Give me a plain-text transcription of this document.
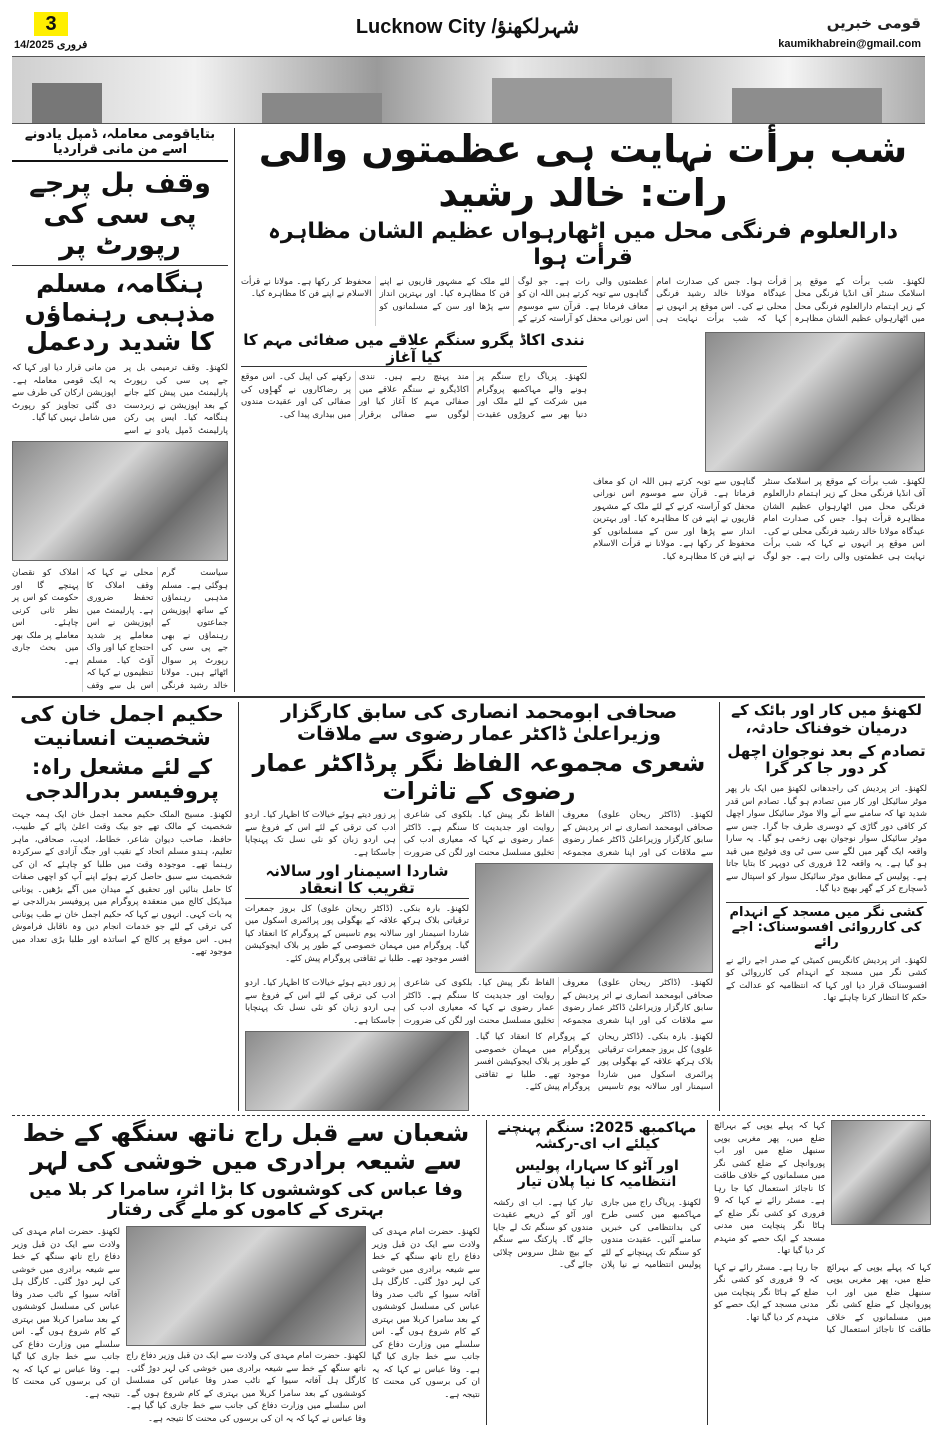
3
14/فروری 2025
Lucknow City /شہرلکھنؤ	قومی خبریں
kaumikhabrein@gmail.com
بتایاقومی معاملہ، ڈمپل یادونے اسے من مانی قراردیا
وقف بل پرجے پی سی کی رپورٹ پر
ہنگامہ، مسلم مذہبی رہنماؤں کا شدید ردعمل
لکھنؤ۔ وقف ترمیمی بل پر جے پی سی کی رپورٹ پارلیمنٹ میں پیش کئے جانے کے بعد اپوزیشن نے زبردست ہنگامہ کیا۔ ایس پی رکن پارلیمنٹ ڈمپل یادو نے اسے من مانی قرار دیا اور کہا کہ یہ ایک قومی معاملہ ہے۔ اپوزیشن ارکان کی طرف سے دی گئی تجاویز کو رپورٹ میں شامل نہیں کیا گیا۔
سیاست گرم ہوگئی ہے۔ مسلم مذہبی رہنماؤں کے ساتھ اپوزیشن جماعتوں کے رہنماؤں نے بھی جے پی سی کی رپورٹ پر سوال اٹھائے ہیں۔ مولانا خالد رشید فرنگی محلی نے کہا کہ وقف املاک کا تحفظ ضروری ہے۔ پارلیمنٹ میں اپوزیشن نے اس معاملے پر شدید احتجاج کیا اور واک آؤٹ کیا۔ مسلم تنظیموں نے کہا کہ اس بل سے وقف املاک کو نقصان پہنچے گا اور حکومت کو اس پر نظر ثانی کرنی چاہئے۔ اس معاملے پر ملک بھر میں بحث جاری ہے۔
شب برأت نہایت ہی عظمتوں والی رات: خالد رشید
دارالعلوم فرنگی محل میں اٹھارہواں عظیم الشان مظاہرہ قرأت ہوا
لکھنؤ۔ شب برأت کے موقع پر اسلامک سنٹر آف انڈیا فرنگی محل کے زیر اہتمام دارالعلوم فرنگی محل میں اٹھارہواں عظیم الشان مظاہرہ قرأت ہوا۔ جس کی صدارت امام عیدگاہ مولانا خالد رشید فرنگی محلی نے کی۔ اس موقع پر انہوں نے کہا کہ شب برأت نہایت ہی عظمتوں والی رات ہے۔ جو لوگ گناہوں سے توبہ کرتے ہیں اللہ ان کو معاف فرماتا ہے۔ قرآن سے موسوم اس نورانی محفل کو آراستہ کرنے کے لئے ملک کے مشہور قاریوں نے اپنے فن کا مظاہرہ کیا۔ اور بہترین انداز سے پڑھا اور سن کے مسلمانوں کو محفوظ کر رکھا ہے۔ مولانا نے قرأت الاسلام نے اپنے فن کا مظاہرہ کیا۔
نندی اکاڈ یگرو سنگم علاقے میں صفائی مہم کا کیا آغاز
لکھنؤ۔ پریاگ راج سنگم پر ہونے والے مہاکمبھ پروگرام میں شرکت کے لئے ملک اور دنیا بھر سے کروڑوں عقیدت مند پہنچ رہے ہیں۔ نندی اکاڈیگرو نے سنگم علاقے میں صفائی مہم کا آغاز کیا اور لوگوں سے صفائی برقرار رکھنے کی اپیل کی۔ اس موقع پر رضاکاروں نے گھاٟوں کی صفائی کی اور عقیدت مندوں میں بیداری پیدا کی۔
لکھنؤ۔ شب برأت کے موقع پر اسلامک سنٹر آف انڈیا فرنگی محل کے زیر اہتمام دارالعلوم فرنگی محل میں اٹھارہواں عظیم الشان مظاہرہ قرأت ہوا۔ جس کی صدارت امام عیدگاہ مولانا خالد رشید فرنگی محلی نے کی۔ اس موقع پر انہوں نے کہا کہ شب برأت نہایت ہی عظمتوں والی رات ہے۔ جو لوگ گناہوں سے توبہ کرتے ہیں اللہ ان کو معاف فرماتا ہے۔ قرآن سے موسوم اس نورانی محفل کو آراستہ کرنے کے لئے ملک کے مشہور قاریوں نے اپنے فن کا مظاہرہ کیا۔ اور بہترین انداز سے پڑھا اور سن کے مسلمانوں کو محفوظ کر رکھا ہے۔ مولانا نے قرأت الاسلام نے اپنے فن کا مظاہرہ کیا۔
حکیم اجمل خان کی شخصیت انسانیت
کے لئے مشعل راہ: پروفیسر بدرالدجی
لکھنؤ۔ مسیح الملک حکیم محمد اجمل خان ایک ہمہ جہت شخصیت کے مالک تھے جو بیک وقت اعلیٰ پائے کے طبیب، حافظ، صاحب دیوان شاعر، خطاط، ادیب، صحافی، ماہر تعلیم، ہندو مسلم اتحاد کے نقیب اور جنگ آزادی کے سرکردہ رہنما تھے۔ موجودہ وقت میں طلبا کو چاہئے کہ ان کی شخصیت سے سبق حاصل کرتے ہوئے اپنے آپ کو اچھی صفات کا حامل بنائیں اور تحقیق کے میدان میں آگے بڑھیں۔ یونانی میڈیکل کالج میں منعقدہ پروگرام میں پروفیسر بدرالدجی نے یہ بات کہی۔ انہوں نے کہا کہ حکیم اجمل خان نے طب یونانی کی ترقی کے لئے جو خدمات انجام دیں وہ ناقابل فراموش ہیں۔ اس موقع پر کالج کے اساتذہ اور طلبا بڑی تعداد میں موجود تھے۔
صحافی ابومحمد انصاری کی سابق کارگزار وزیراعلیٰ ڈاکٹر عمار رضوی سے ملاقات
شعری مجموعہ الفاظ نگر پرڈاکٹر عمار رضوی کے تاثرات
لکھنؤ۔ (ڈاکٹر ریحان علوی) معروف صحافی ابومحمد انصاری نے اتر پردیش کے سابق کارگزار وزیراعلیٰ ڈاکٹر عمار رضوی سے ملاقات کی اور اپنا شعری مجموعہ الفاظ نگر پیش کیا۔ بلکوی کی شاعری روایت اور جدیدیت کا سنگم ہے۔ ڈاکٹر عمار رضوی نے کہا کہ معیاری ادب کی تخلیق مسلسل محنت اور لگن کی ضرورت پر زور دیتے ہوئے خیالات کا اظہار کیا۔ اردو ادب کی ترقی کے لئے اس کے فروغ سے ہی اردو زبان کو نئی نسل تک پہنچایا جاسکتا ہے۔
شاردا اسیمنار اور سالانہ تقریب کا انعقاد
لکھنؤ۔ بارہ بنکی۔ (ڈاکٹر ریحان علوی) کل بروز جمعرات ترقیاتی بلاک ہرکھ علاقہ کے بھگولی پور پرائمری اسکول میں شاردا اسیمنار اور سالانہ یوم تاسیس کے پروگرام کا انعقاد کیا گیا۔ پروگرام میں مہمان خصوصی کے طور پر بلاک ایجوکیشن افسر موجود تھے۔ طلبا نے ثقافتی پروگرام پیش کئے۔
لکھنؤ۔ (ڈاکٹر ریحان علوی) معروف صحافی ابومحمد انصاری نے اتر پردیش کے سابق کارگزار وزیراعلیٰ ڈاکٹر عمار رضوی سے ملاقات کی اور اپنا شعری مجموعہ الفاظ نگر پیش کیا۔ بلکوی کی شاعری روایت اور جدیدیت کا سنگم ہے۔ ڈاکٹر عمار رضوی نے کہا کہ معیاری ادب کی تخلیق مسلسل محنت اور لگن کی ضرورت پر زور دیتے ہوئے خیالات کا اظہار کیا۔ اردو ادب کی ترقی کے لئے اس کے فروغ سے ہی اردو زبان کو نئی نسل تک پہنچایا جاسکتا ہے۔
لکھنؤ۔ بارہ بنکی۔ (ڈاکٹر ریحان علوی) کل بروز جمعرات ترقیاتی بلاک ہرکھ علاقہ کے بھگولی پور پرائمری اسکول میں شاردا اسیمنار اور سالانہ یوم تاسیس کے پروگرام کا انعقاد کیا گیا۔ پروگرام میں مہمان خصوصی کے طور پر بلاک ایجوکیشن افسر موجود تھے۔ طلبا نے ثقافتی پروگرام پیش کئے۔
لکھنؤ میں کار اور بائک کے درمیان خوفناک حادثہ،
تصادم کے بعد نوجوان اچھل کر دور جا کر گرا
لکھنؤ۔ اتر پردیش کی راجدھانی لکھنؤ میں ایک بار پھر موٹر سائیکل اور کار میں تصادم ہو گیا۔ تصادم اس قدر شدید تھا کہ سامنے سے آنے والا موٹر سائیکل سوار اچھل کر کافی دور گاڑی کے دوسری طرف جا گرا۔ جس سے موٹر سائیکل سوار نوجوان بھی زخمی ہو گیا۔ یہ سارا واقعہ ایک گھر میں لگے سی سی ٹی وی فوٹیج میں قید ہو گیا ہے۔ یہ واقعہ 12 فروری کی دوپہر کا بتایا جاتا ہے۔ پولیس کے مطابق موٹر سائیکل سوار کو اسپتال سے ڈسچارج کر کے گھر بھیج دیا گیا۔
کشی نگر میں مسجد کے انہدام کی کارروائی افسوسناک: اجے رائے
لکھنؤ۔ اتر پردیش کانگریس کمیٹی کے صدر اجے رائے نے کشی نگر میں مسجد کے انہدام کی کارروائی کو افسوسناک قرار دیا اور کہا کہ انتظامیہ کو عدالت کے حکم کا انتظار کرنا چاہئے تھا۔
شعبان سے قبل راج ناتھ سنگھ کے خط سے شیعہ برادری میں خوشی کی لہر
وفا عباس کی کوششوں کا بڑا اثر، سامرا کر بلا میں بہتری کے کاموں کو ملے گی رفتار
لکھنؤ۔ حضرت امام مہدی کی ولادت سے ایک دن قبل وزیر دفاع راج ناتھ سنگھ کے خط سے شیعہ برادری میں خوشی کی لہر دوڑ گئی۔ کارگل ہل آفاتہ سیوا کے ناٹب صدر وفا عباس کی مسلسل کوششوں کے بعد سامرا کربلا میں بہتری کے کام شروع ہوں گے۔ اس سلسلے میں وزارت دفاع کی جانب سے خط جاری کیا گیا ہے۔ وفا عباس نے کہا کہ یہ ان کی برسوں کی محنت کا نتیجہ ہے۔
لکھنؤ۔ حضرت امام مہدی کی ولادت سے ایک دن قبل وزیر دفاع راج ناتھ سنگھ کے خط سے شیعہ برادری میں خوشی کی لہر دوڑ گئی۔ کارگل ہل آفاتہ سیوا کے ناٹب صدر وفا عباس کی مسلسل کوششوں کے بعد سامرا کربلا میں بہتری کے کام شروع ہوں گے۔ اس سلسلے میں وزارت دفاع کی جانب سے خط جاری کیا گیا ہے۔ وفا عباس نے کہا کہ یہ ان کی برسوں کی محنت کا نتیجہ ہے۔
لکھنؤ۔ حضرت امام مہدی کی ولادت سے ایک دن قبل وزیر دفاع راج ناتھ سنگھ کے خط سے شیعہ برادری میں خوشی کی لہر دوڑ گئی۔ کارگل ہل آفاتہ سیوا کے ناٹب صدر وفا عباس کی مسلسل کوششوں کے بعد سامرا کربلا میں بہتری کے کام شروع ہوں گے۔ اس سلسلے میں وزارت دفاع کی جانب سے خط جاری کیا گیا ہے۔ وفا عباس نے کہا کہ یہ ان کی برسوں کی محنت کا نتیجہ ہے۔
مہاکمبھ 2025: سنگم پہنچنے کیلئے اب ای-رکشہ
اور آٹو کا سہارا، پولیس انتظامیہ کا نیا پلان تیار
لکھنؤ۔ پریاگ راج میں جاری مہاکمبھ میں کسی طرح کی بدانتظامی کی خبریں سامنے آئیں۔ عقیدت مندوں کو سنگم تک پہنچانے کے لئے پولیس انتظامیہ نے نیا پلان تیار کیا ہے۔ اب ای رکشہ اور آٹو کے ذریعے عقیدت مندوں کو سنگم تک لے جایا جائے گا۔ پارکنگ سے سنگم کے بیچ شٹل سروس چلائی جائے گی۔
کہا کہ پہلے یوپی کے بہرائچ ضلع میں، پھر مغربی یوپی سنبھل ضلع میں اور اب پوروانچل کے ضلع کشی نگر میں مسلمانوں کے خلاف طاقت کا ناجائز استعمال کیا جا رہا ہے۔ مسٹر رائے نے کہا کہ 9 فروری کو کشی نگر ضلع کے ہاٹا نگر پنچایت میں مدنی مسجد کے ایک حصے کو منہدم کر دیا گیا تھا۔
کہا کہ پہلے یوپی کے بہرائچ ضلع میں، پھر مغربی یوپی سنبھل ضلع میں اور اب پوروانچل کے ضلع کشی نگر میں مسلمانوں کے خلاف طاقت کا ناجائز استعمال کیا جا رہا ہے۔ مسٹر رائے نے کہا کہ 9 فروری کو کشی نگر ضلع کے ہاٹا نگر پنچایت میں مدنی مسجد کے ایک حصے کو منہدم کر دیا گیا تھا۔
